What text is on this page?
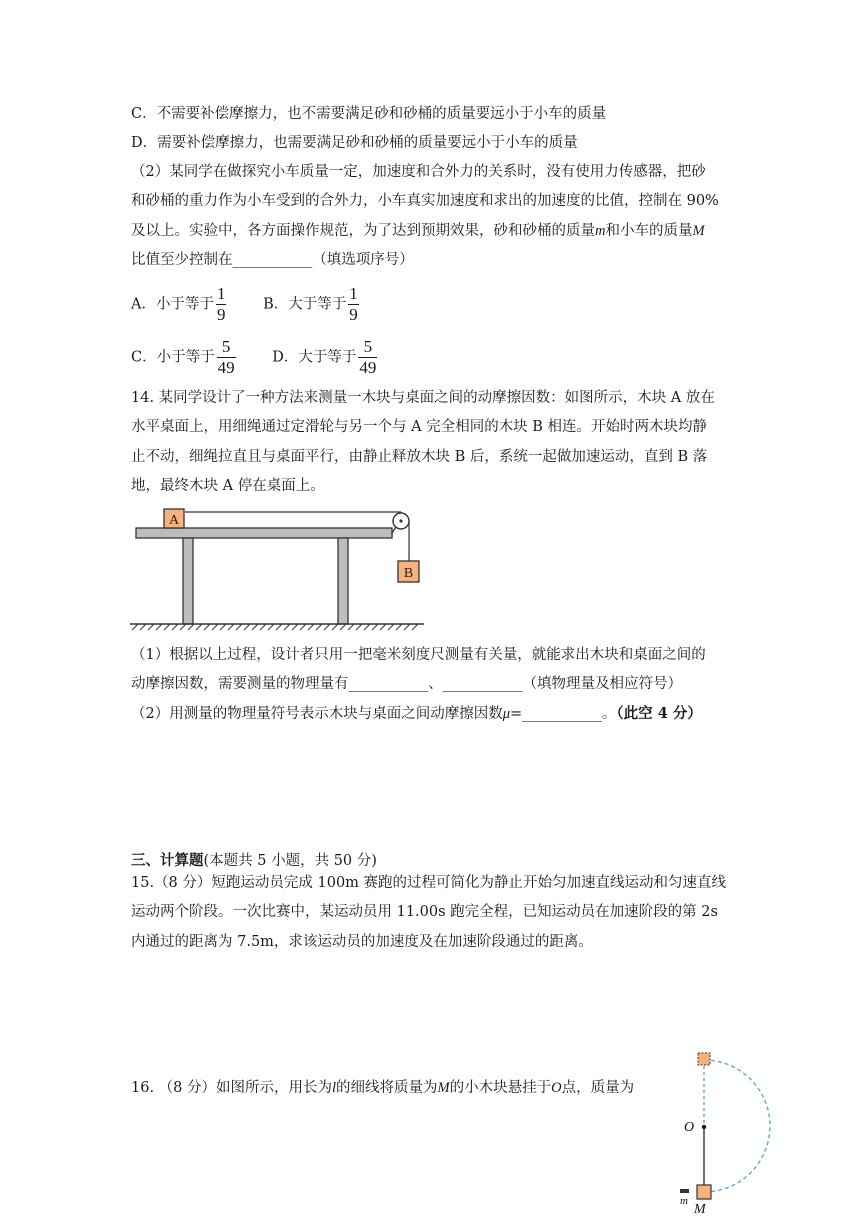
C．不需要补偿摩擦力，也不需要满足砂和砂桶的质量要远小于小车的质量
D．需要补偿摩擦力，也需要满足砂和砂桶的质量要远小于小车的质量
（2）某同学在做探究小车质量一定，加速度和合外力的关系时，没有使用力传感器，把砂
和砂桶的重力作为小车受到的合外力，小车真实加速度和求出的加速度的比值，控制在 90%
及以上。实验中，各方面操作规范，为了达到预期效果，砂和砂桶的质量m和小车的质量M
比值至少控制在___________（填选项序号）
A．小于等于 $\frac{1}{9}$	B．大于等于 $\frac{1}{9}$
C．小于等于 $\frac{5}{49}$	D．大于等于 $\frac{5}{49}$
14. 某同学设计了一种方法来测量一木块与桌面之间的动摩擦因数：如图所示，木块 A 放在
水平桌面上，用细绳通过定滑轮与另一个与 A 完全相同的木块 B 相连。开始时两木块均静
止不动，细绳拉直且与桌面平行，由静止释放木块 B 后，系统一起做加速运动，直到 B 落
地，最终木块 A 停在桌面上。
A
B
（1）根据以上过程，设计者只用一把毫米刻度尺测量有关量，就能求出木块和桌面之间的
动摩擦因数，需要测量的物理量有___________、___________（填物理量及相应符号）
（2）用测量的物理量符号表示木块与桌面之间动摩擦因数μ=___________。（此空 4 分）
三、计算题(本题共 5 小题，共 50 分)
15.（8 分）短跑运动员完成 100m 赛跑的过程可简化为静止开始匀加速直线运动和匀速直线
运动两个阶段。一次比赛中，某运动员用 11.00s 跑完全程，已知运动员在加速阶段的第 2s
内通过的距离为 7.5m，求该运动员的加速度及在加速阶段通过的距离。
16. （8 分）如图所示，用长为l的细线将质量为M的小木块悬挂于O点，质量为
O
m
M
